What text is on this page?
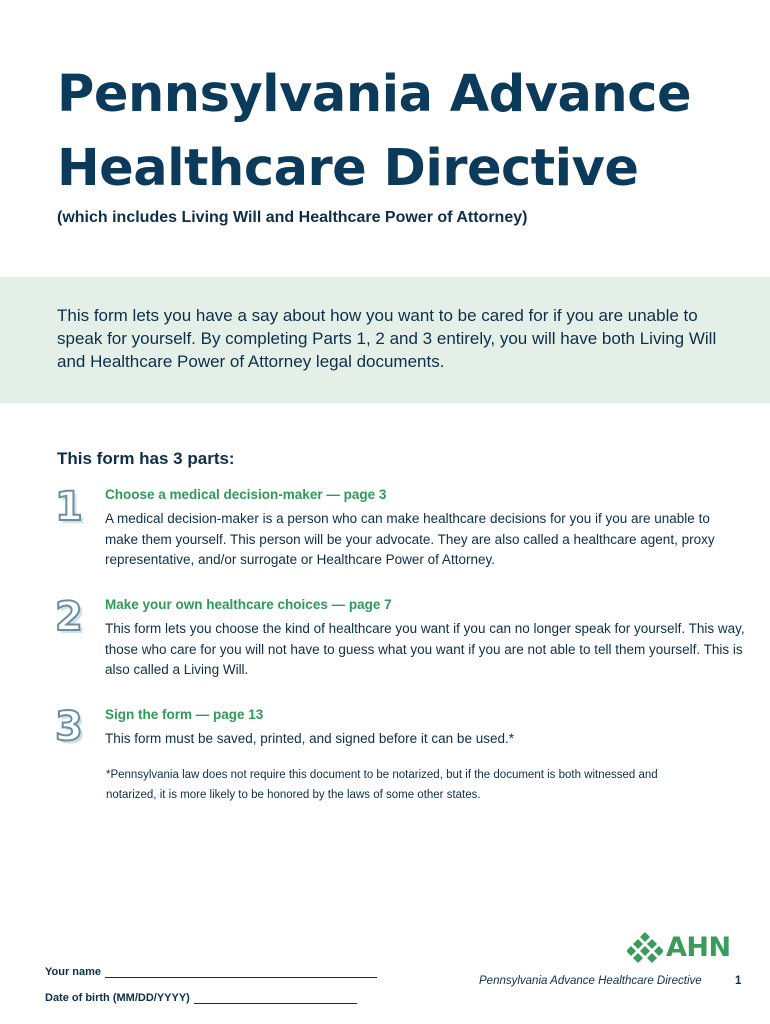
Pennsylvania Advance
Healthcare Directive
(which includes Living Will and Healthcare Power of Attorney)

This form lets you have a say about how you want to be cared for if you are unable to speak for yourself. By completing Parts 1, 2 and 3 entirely, you will have both Living Will and Healthcare Power of Attorney legal documents.

This form has 3 parts:
1 Choose a medical decision-maker — page 3

A medical decision-maker is a person who can make healthcare decisions for you if you are unable to make them yourself. This person will be your advocate. They are also called a healthcare agent, proxy representative, and/or surrogate or Healthcare Power of Attorney.

2 Make your own healthcare choices — page 7

This form lets you choose the kind of healthcare you want if you can no longer speak for yourself. This way, those who care for you will not have to guess what you want if you are not able to tell them yourself. This is also called a Living Will.

3 Sign the form — page 13

This form must be saved, printed, and signed before it can be used.*

*Pennsylvania law does not require this document to be notarized, but if the document is both witnessed and notarized, it is more likely to be honored by the laws of some other states.

AHN
Your name
Date of birth (MM/DD/YYYY)
Pennsylvania Advance Healthcare Directive	1
